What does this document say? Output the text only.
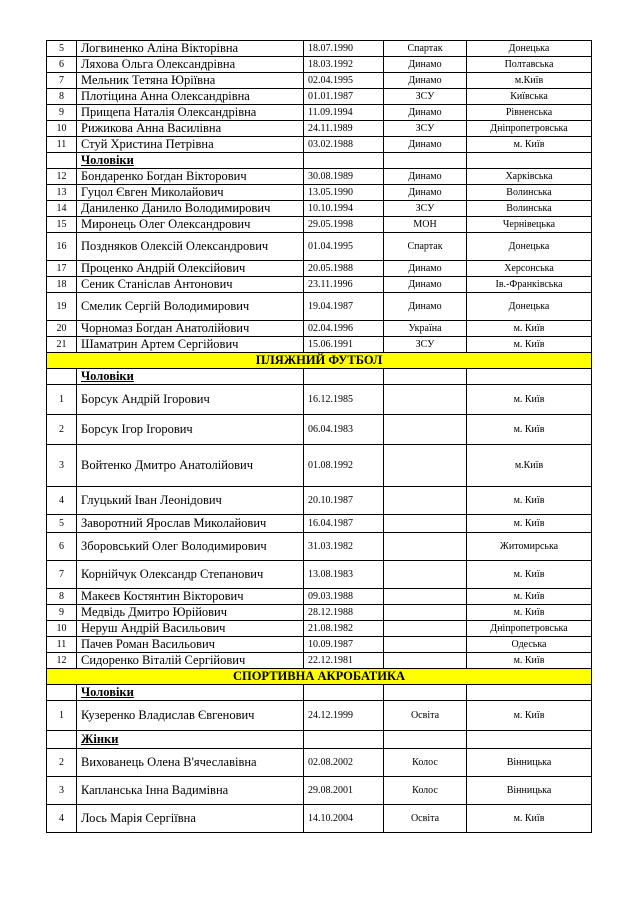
5	Логвиненко Аліна Вікторівна	18.07.1990	Спартак	Донецька
6	Ляхова Ольга Олександрівна	18.03.1992	Динамо	Полтавська
7	Мельник Тетяна Юріївна	02.04.1995	Динамо	м.Київ
8	Плотіцина Анна Олександрівна	01.01.1987	ЗСУ	Київська
9	Прищепа Наталія Олександрівна	11.09.1994	Динамо	Рівненська
10	Рижикова Анна Василівна	24.11.1989	ЗСУ	Дніпропетровська
11	Стуй Христина Петрівна	03.02.1988	Динамо	м. Київ
	Чоловіки			
12	Бондаренко Богдан Вікторович	30.08.1989	Динамо	Харківська
13	Гуцол Євген Миколайович	13.05.1990	Динамо	Волинська
14	Даниленко Данило Володимирович	10.10.1994	ЗСУ	Волинська
15	Миронець Олег Олександрович	29.05.1998	МОН	Чернівецька
16	Поздняков Олексій Олександрович	01.04.1995	Спартак	Донецька
17	Проценко Андрій Олексійович	20.05.1988	Динамо	Херсонська
18	Сеник Станіслав Антонович	23.11.1996	Динамо	Ів.-Франківська
19	Смелик Сергій Володимирович	19.04.1987	Динамо	Донецька
20	Чорномаз Богдан Анатолійович	02.04.1996	Україна	м. Київ
21	Шаматрин Артем Сергійович	15.06.1991	ЗСУ	м. Київ
ПЛЯЖНИЙ ФУТБОЛ				
	Чоловіки			
1	Борсук Андрій Ігорович	16.12.1985		м. Київ
2	Борсук Ігор Ігорович	06.04.1983		м. Київ
3	Войтенко Дмитро Анатолійович	01.08.1992		м.Київ
4	Глуцький Іван Леонідович	20.10.1987		м. Київ
5	Заворотний Ярослав Миколайович	16.04.1987		м. Київ
6	Зборовський Олег Володимирович	31.03.1982		Житомирська
7	Корнійчук Олександр Степанович	13.08.1983		м. Київ
8	Макеєв Костянтин Вікторович	09.03.1988		м. Київ
9	Медвідь Дмитро Юрійович	28.12.1988		м. Київ
10	Неруш Андрій Васильович	21.08.1982		Дніпропетровська
11	Пачев Роман Васильович	10.09.1987		Одеська
12	Сидоренко Віталій Сергійович	22.12.1981		м. Київ
СПОРТИВНА АКРОБАТИКА				
	Чоловіки			
1	Кузеренко Владислав Євгенович	24.12.1999	Освіта	м. Київ
	Жінки			
2	Вихованець Олена В'ячеславівна	02.08.2002	Колос	Вінницька
3	Капланська Інна Вадимівна	29.08.2001	Колос	Вінницька
4	Лось Марія Сергіївна	14.10.2004	Освіта	м. Київ
